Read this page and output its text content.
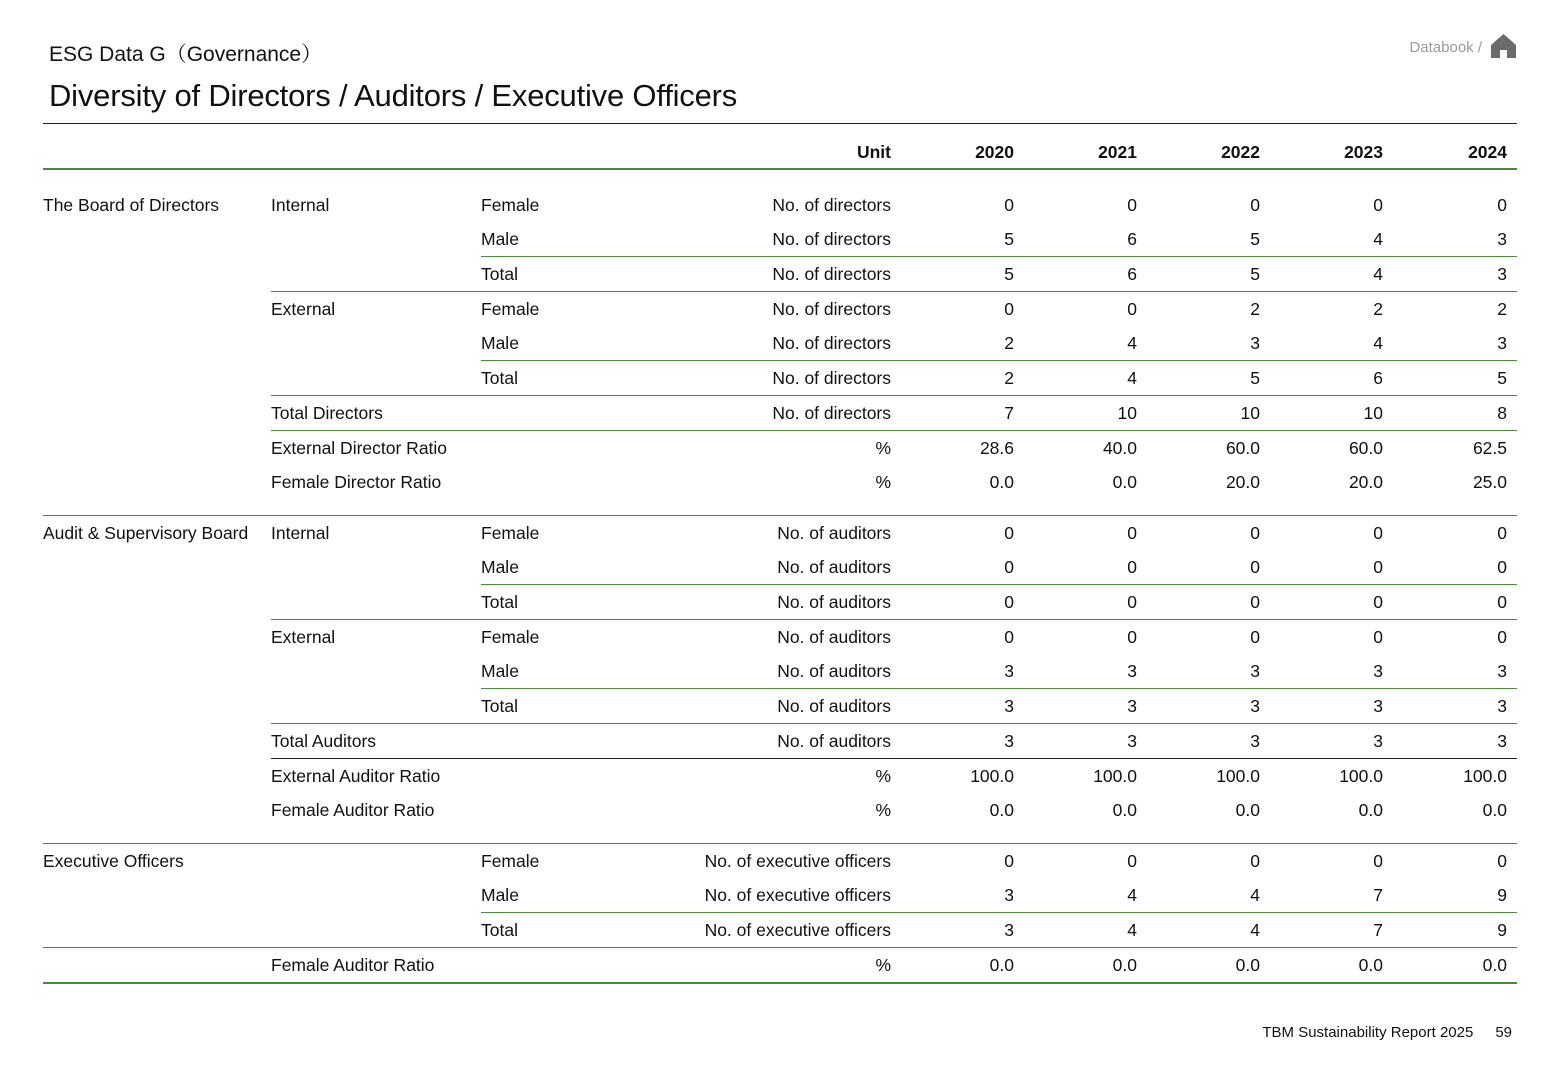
ESG Data G（Governance）
Diversity of Directors / Auditors / Executive Officers
Databook /
			Unit	2020	2021	2022	2023	2024

The Board of Directors	Internal	Female	No. of directors	0	0	0	0	0
		Male	No. of directors	5	6	5	4	3
		Total	No. of directors	5	6	5	4	3
	External	Female	No. of directors	0	0	2	2	2
		Male	No. of directors	2	4	3	4	3
		Total	No. of directors	2	4	5	6	5
	Total Directors		No. of directors	7	10	10	10	8
	External Director Ratio		%	28.6	40.0	60.0	60.0	62.5
	Female Director Ratio		%	0.0	0.0	20.0	20.0	25.0

Audit & Supervisory Board	Internal	Female	No. of auditors	0	0	0	0	0
		Male	No. of auditors	0	0	0	0	0
		Total	No. of auditors	0	0	0	0	0
	External	Female	No. of auditors	0	0	0	0	0
		Male	No. of auditors	3	3	3	3	3
		Total	No. of auditors	3	3	3	3	3
	Total Auditors		No. of auditors	3	3	3	3	3
	External Auditor Ratio		%	100.0	100.0	100.0	100.0	100.0
	Female Auditor Ratio		%	0.0	0.0	0.0	0.0	0.0

Executive Officers		Female	No. of executive officers	0	0	0	0	0
		Male	No. of executive officers	3	4	4	7	9
		Total	No. of executive officers	3	4	4	7	9
	Female Auditor Ratio		%	0.0	0.0	0.0	0.0	0.0
TBM Sustainability Report 2025 59
